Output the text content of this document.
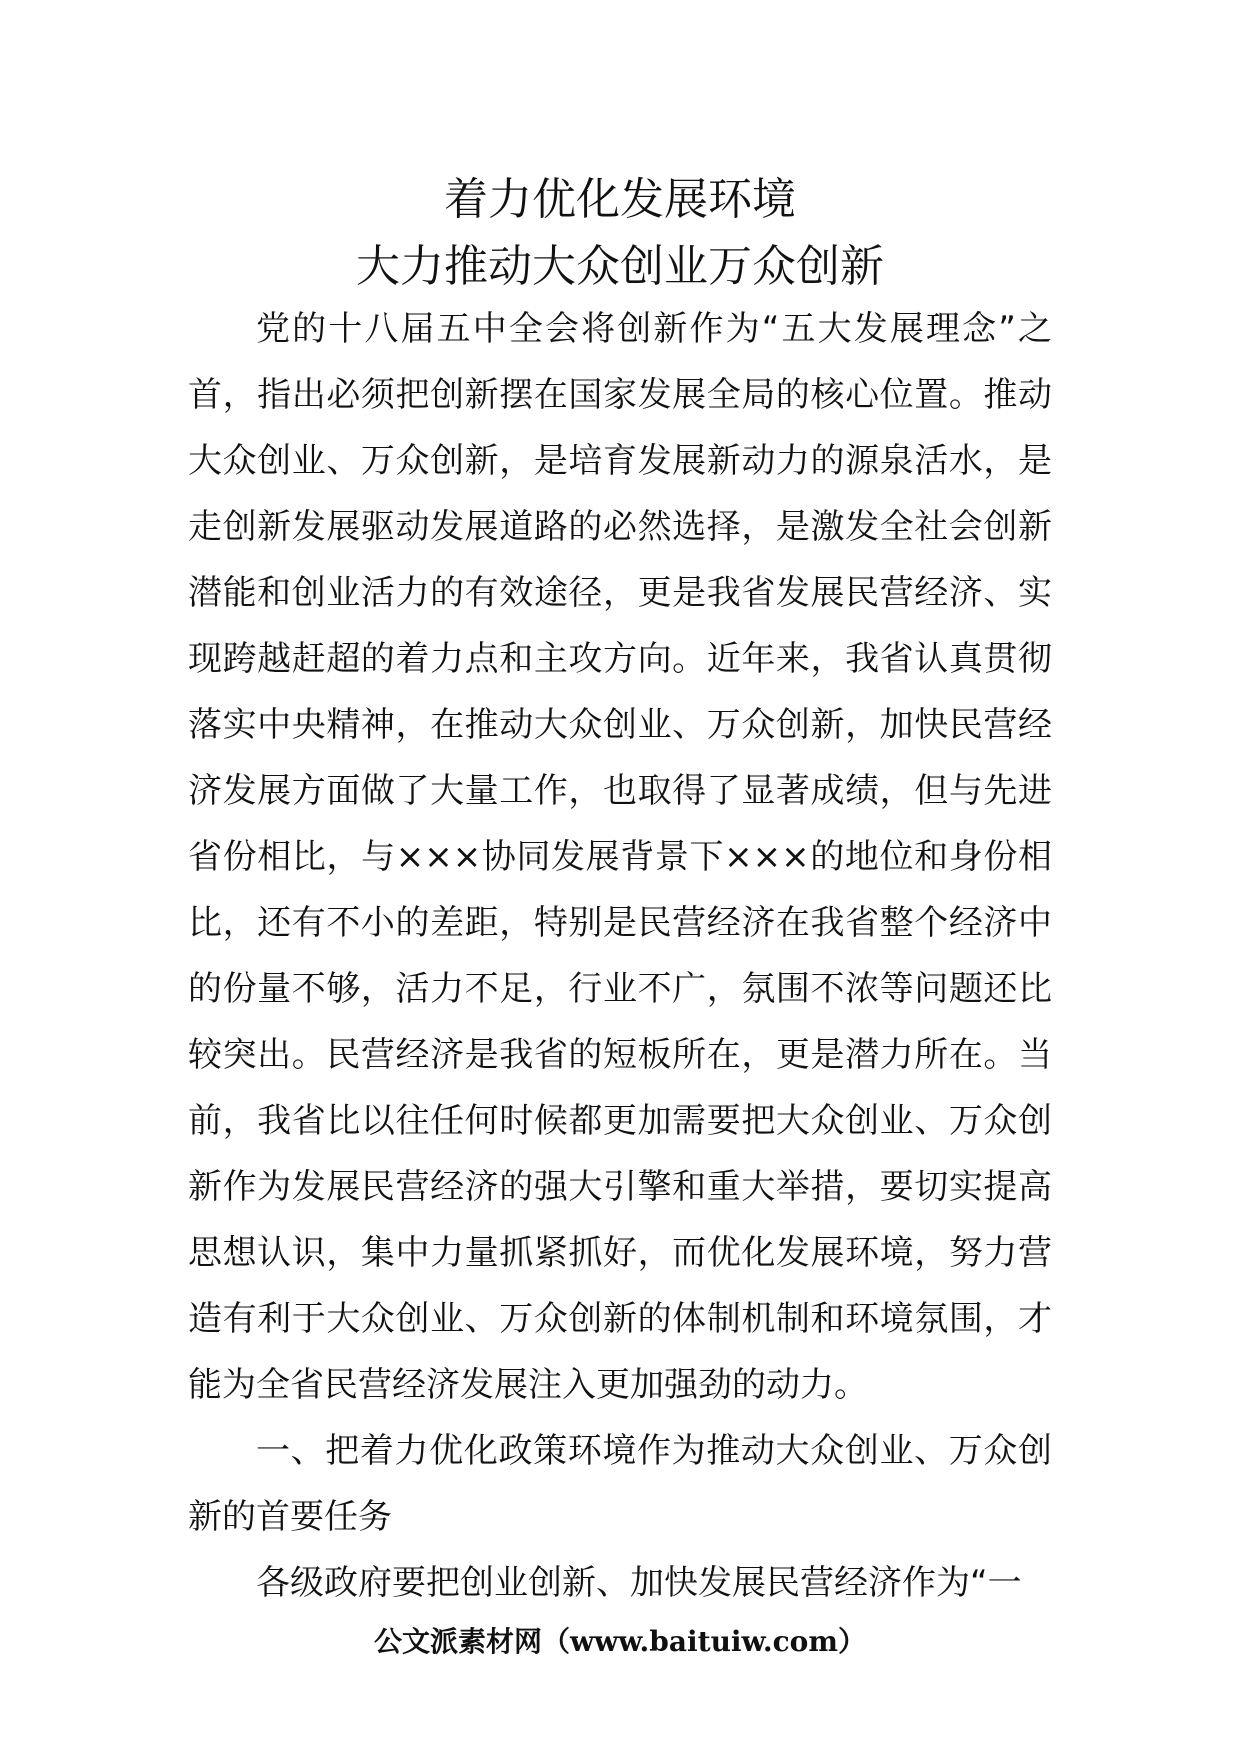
着力优化发展环境
大力推动大众创业万众创新

党的十八届五中全会将创新作为“五大发展理念”之首，指出必须把创新摆在国家发展全局的核心位置。推动大众创业、万众创新，是培育发展新动力的源泉活水，是走创新发展驱动发展道路的必然选择，是激发全社会创新潜能和创业活力的有效途径，更是我省发展民营经济、实现跨越赶超的着力点和主攻方向。近年来，我省认真贯彻落实中央精神，在推动大众创业、万众创新，加快民营经济发展方面做了大量工作，也取得了显著成绩，但与先进省份相比，与×××协同发展背景下×××的地位和身份相比，还有不小的差距，特别是民营经济在我省整个经济中的份量不够，活力不足，行业不广，氛围不浓等问题还比较突出。民营经济是我省的短板所在，更是潜力所在。当前，我省比以往任何时候都更加需要把大众创业、万众创新作为发展民营经济的强大引擎和重大举措，要切实提高思想认识，集中力量抓紧抓好，而优化发展环境，努力营造有利于大众创业、万众创新的体制机制和环境氛围，才能为全省民营经济发展注入更加强劲的动力。

一、把着力优化政策环境作为推动大众创业、万众创新的首要任务

各级政府要把创业创新、加快发展民营经济作为“一

公文派素材网（www.baituiw.com）
